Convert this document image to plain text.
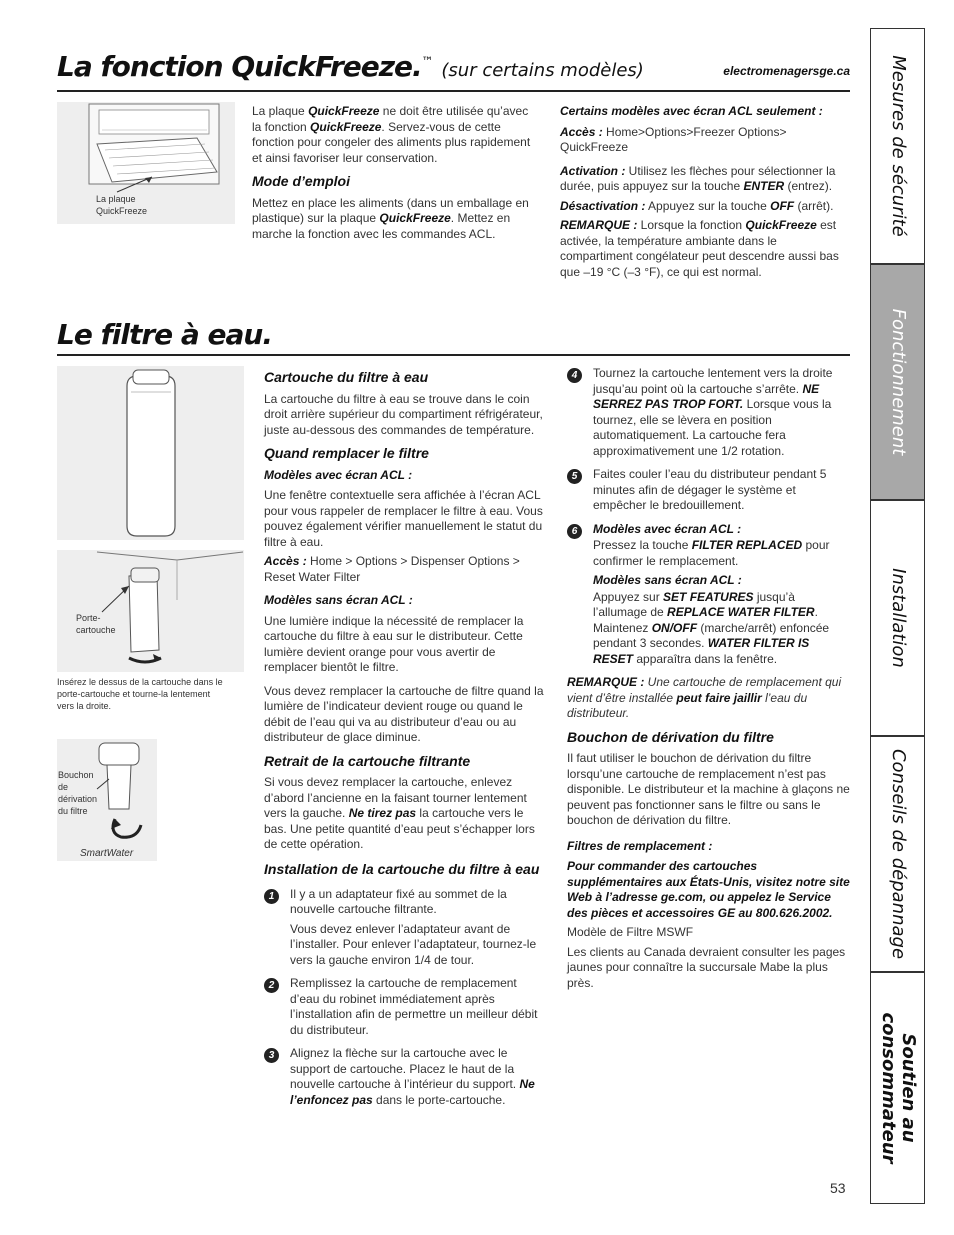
La fonction QuickFreeze.™ (sur certains modèles)	electromenagersge.ca
La plaque QuickFreeze

La plaque QuickFreeze ne doit être utilisée qu’avec la fonction QuickFreeze. Servez-vous de cette fonction pour congeler des aliments plus rapidement et ainsi favoriser leur conservation.

Mode d’emploi

Mettez en place les aliments (dans un emballage en plastique) sur la plaque QuickFreeze. Mettez en marche la fonction avec les commandes ACL.

Certains modèles avec écran ACL seulement :

Accès : Home>Options>Freezer Options> QuickFreeze

Activation : Utilisez les flèches pour sélectionner la durée, puis appuyez sur la touche ENTER (entrez).

Désactivation : Appuyez sur la touche OFF (arrêt).

REMARQUE : Lorsque la fonction QuickFreeze est activée, la température ambiante dans le compartiment congélateur peut descendre aussi bas que –19 °C (–3 °F), ce qui est normal.

Le filtre à eau.
Porte-cartouche
Insérez le dessus de la cartouche dans le porte-cartouche et tourne-la lentement vers la droite.
Bouchon de dérivation du filtre
SmartWater
Cartouche du filtre à eau

La cartouche du filtre à eau se trouve dans le coin droit arrière supérieur du compartiment réfrigérateur, juste au-dessous des commandes de température.

Quand remplacer le filtre
Modèles avec écran ACL :

Une fenêtre contextuelle sera affichée à l’écran ACL pour vous rappeler de remplacer le filtre à eau. Vous pouvez également vérifier manuellement le statut du filtre à eau.

Accès : Home > Options > Dispenser Options > Reset Water Filter

Modèles sans écran ACL :

Une lumière indique la nécessité de remplacer la cartouche du filtre à eau sur le distributeur. Cette lumière devient orange pour vous avertir de remplacer bientôt le filtre.

Vous devez remplacer la cartouche de filtre quand la lumière de l’indicateur devient rouge ou quand le débit de l’eau qui va au distributeur d’eau ou au distributeur de glace diminue.

Retrait de la cartouche filtrante

Si vous devez remplacer la cartouche, enlevez d’abord l’ancienne en la faisant tourner lentement vers la gauche. Ne tirez pas la cartouche vers le bas. Une petite quantité d’eau peut s’échapper lors de cette opération.

Installation de la cartouche du filtre à eau
1	Il y a un adaptateur fixé au sommet de la nouvelle cartouche filtrante.

Vous devez enlever l’adaptateur avant de l’installer. Pour enlever l’adaptateur, tournez-le vers la gauche environ 1/4 de tour.

2	Remplissez la cartouche de remplacement d’eau du robinet immédiatement après l’installation afin de permettre un meilleur débit du distributeur.

3	Alignez la flèche sur la cartouche avec le support de cartouche. Placez le haut de la nouvelle cartouche à l’intérieur du support. Ne l’enfoncez pas dans le porte-cartouche.

4	Tournez la cartouche lentement vers la droite jusqu’au point où la cartouche s’arrête. NE SERREZ PAS TROP FORT. Lorsque vous la tournez, elle se lèvera en position automatiquement. La cartouche fera approximativement une 1/2 rotation.

5	Faites couler l’eau du distributeur pendant 5 minutes afin de dégager le système et empêcher le bredouillement.

6	Modèles avec écran ACL :

Pressez la touche FILTER REPLACED pour confirmer le remplacement.

Modèles sans écran ACL :

Appuyez sur SET FEATURES jusqu’à l’allumage de REPLACE WATER FILTER. Maintenez ON/OFF (marche/arrêt) enfoncée pendant 3 secondes. WATER FILTER IS RESET apparaîtra dans la fenêtre.

REMARQUE : Une cartouche de remplacement qui vient d’être installée peut faire jaillir l’eau du distributeur.

Bouchon de dérivation du filtre

Il faut utiliser le bouchon de dérivation du filtre lorsqu’une cartouche de remplacement n’est pas disponible. Le distributeur et la machine à glaçons ne peuvent pas fonctionner sans le filtre ou sans le bouchon de dérivation du filtre.

Filtres de remplacement :

Pour commander des cartouches supplémentaires aux États-Unis, visitez notre site Web à l’adresse ge.com, ou appelez le Service des pièces et accessoires GE au 800.626.2002.

Modèle de Filtre MSWF

Les clients au Canada devraient consulter les pages jaunes pour connaître la succursale Mabe la plus près.

Mesures de sécurité
Fonctionnement
Installation
Conseils de dépannage
Soutien au consommateur
53
